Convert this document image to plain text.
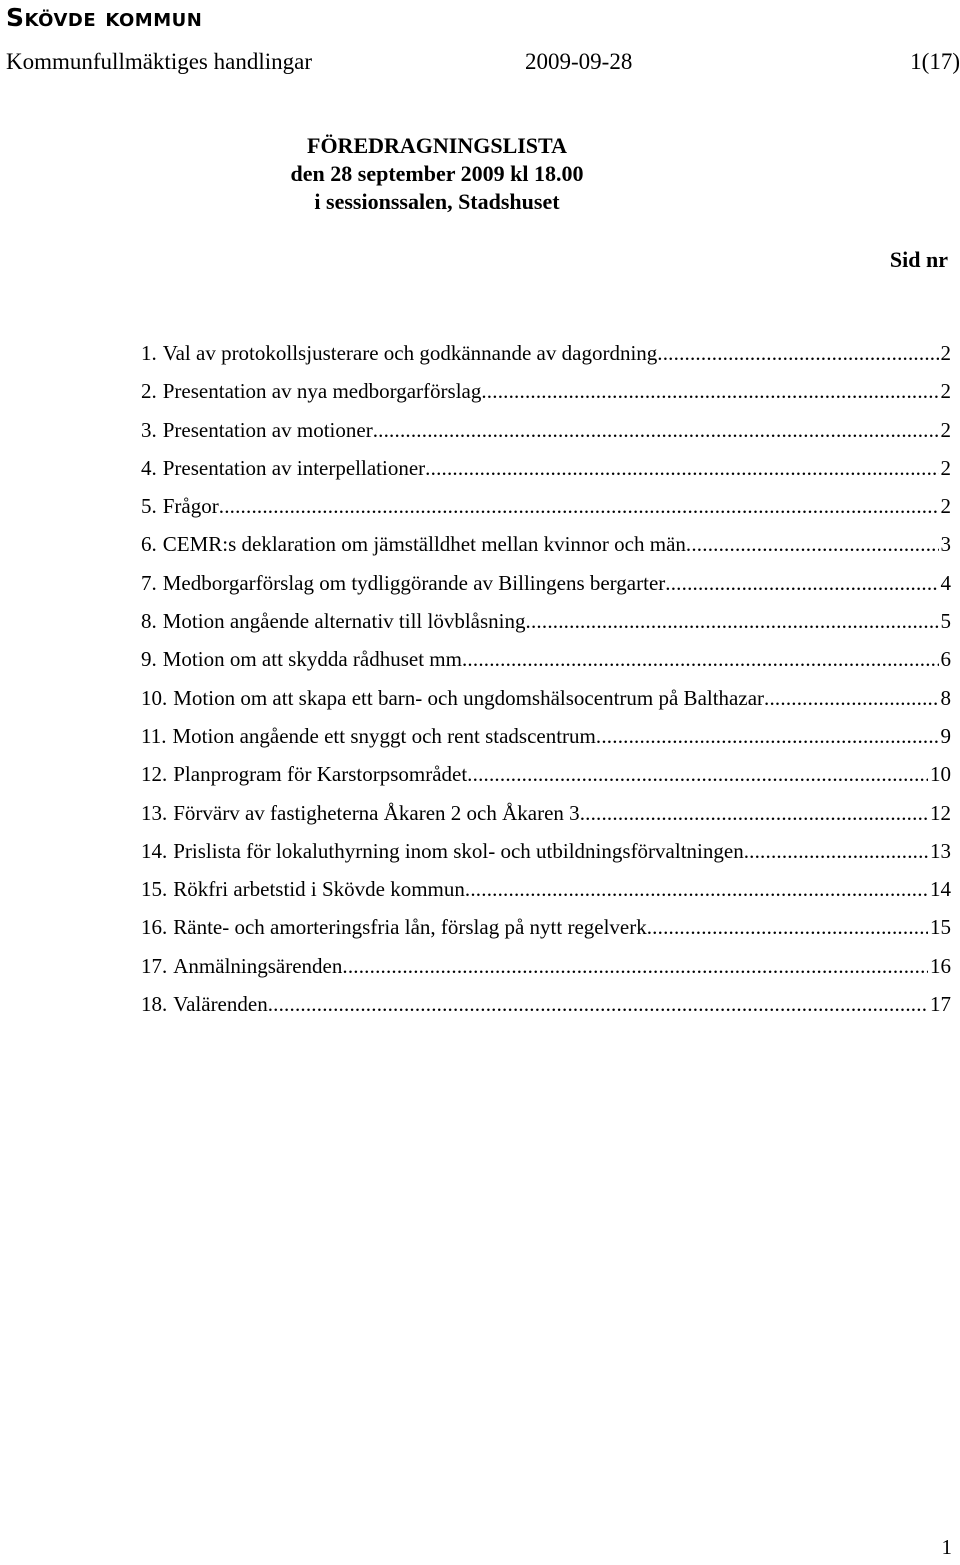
Skövde kommun
Kommunfullmäktiges handlingar	2009-09-28	1(17)
FÖREDRAGNINGSLISTA
den 28 september 2009 kl 18.00
i sessionssalen, Stadshuset
Sid nr
1. Val av protokollsjusterare och godkännande av dagordning .....	2
2. Presentation av nya medborgarförslag .....	2
3. Presentation av motioner .....	2
4. Presentation av interpellationer .....	2
5. Frågor .....	2
6. CEMR:s deklaration om jämställdhet mellan kvinnor och män .....	3
7. Medborgarförslag om tydliggörande av Billingens bergarter .....	4
8. Motion angående alternativ till lövblåsning .....	5
9. Motion om att skydda rådhuset mm .....	6
10. Motion om att skapa ett barn- och ungdomshälsocentrum på Balthazar .....	8
11. Motion angående ett snyggt och rent stadscentrum .....	9
12. Planprogram för Karstorpsområdet .....	10
13. Förvärv av fastigheterna Åkaren 2 och Åkaren 3 .....	12
14. Prislista för lokaluthyrning inom skol- och utbildningsförvaltningen .....	13
15. Rökfri arbetstid i Skövde kommun .....	14
16. Ränte- och amorteringsfria lån, förslag på nytt regelverk .....	15
17. Anmälningsärenden .....	16
18. Valärenden .....	17
1
